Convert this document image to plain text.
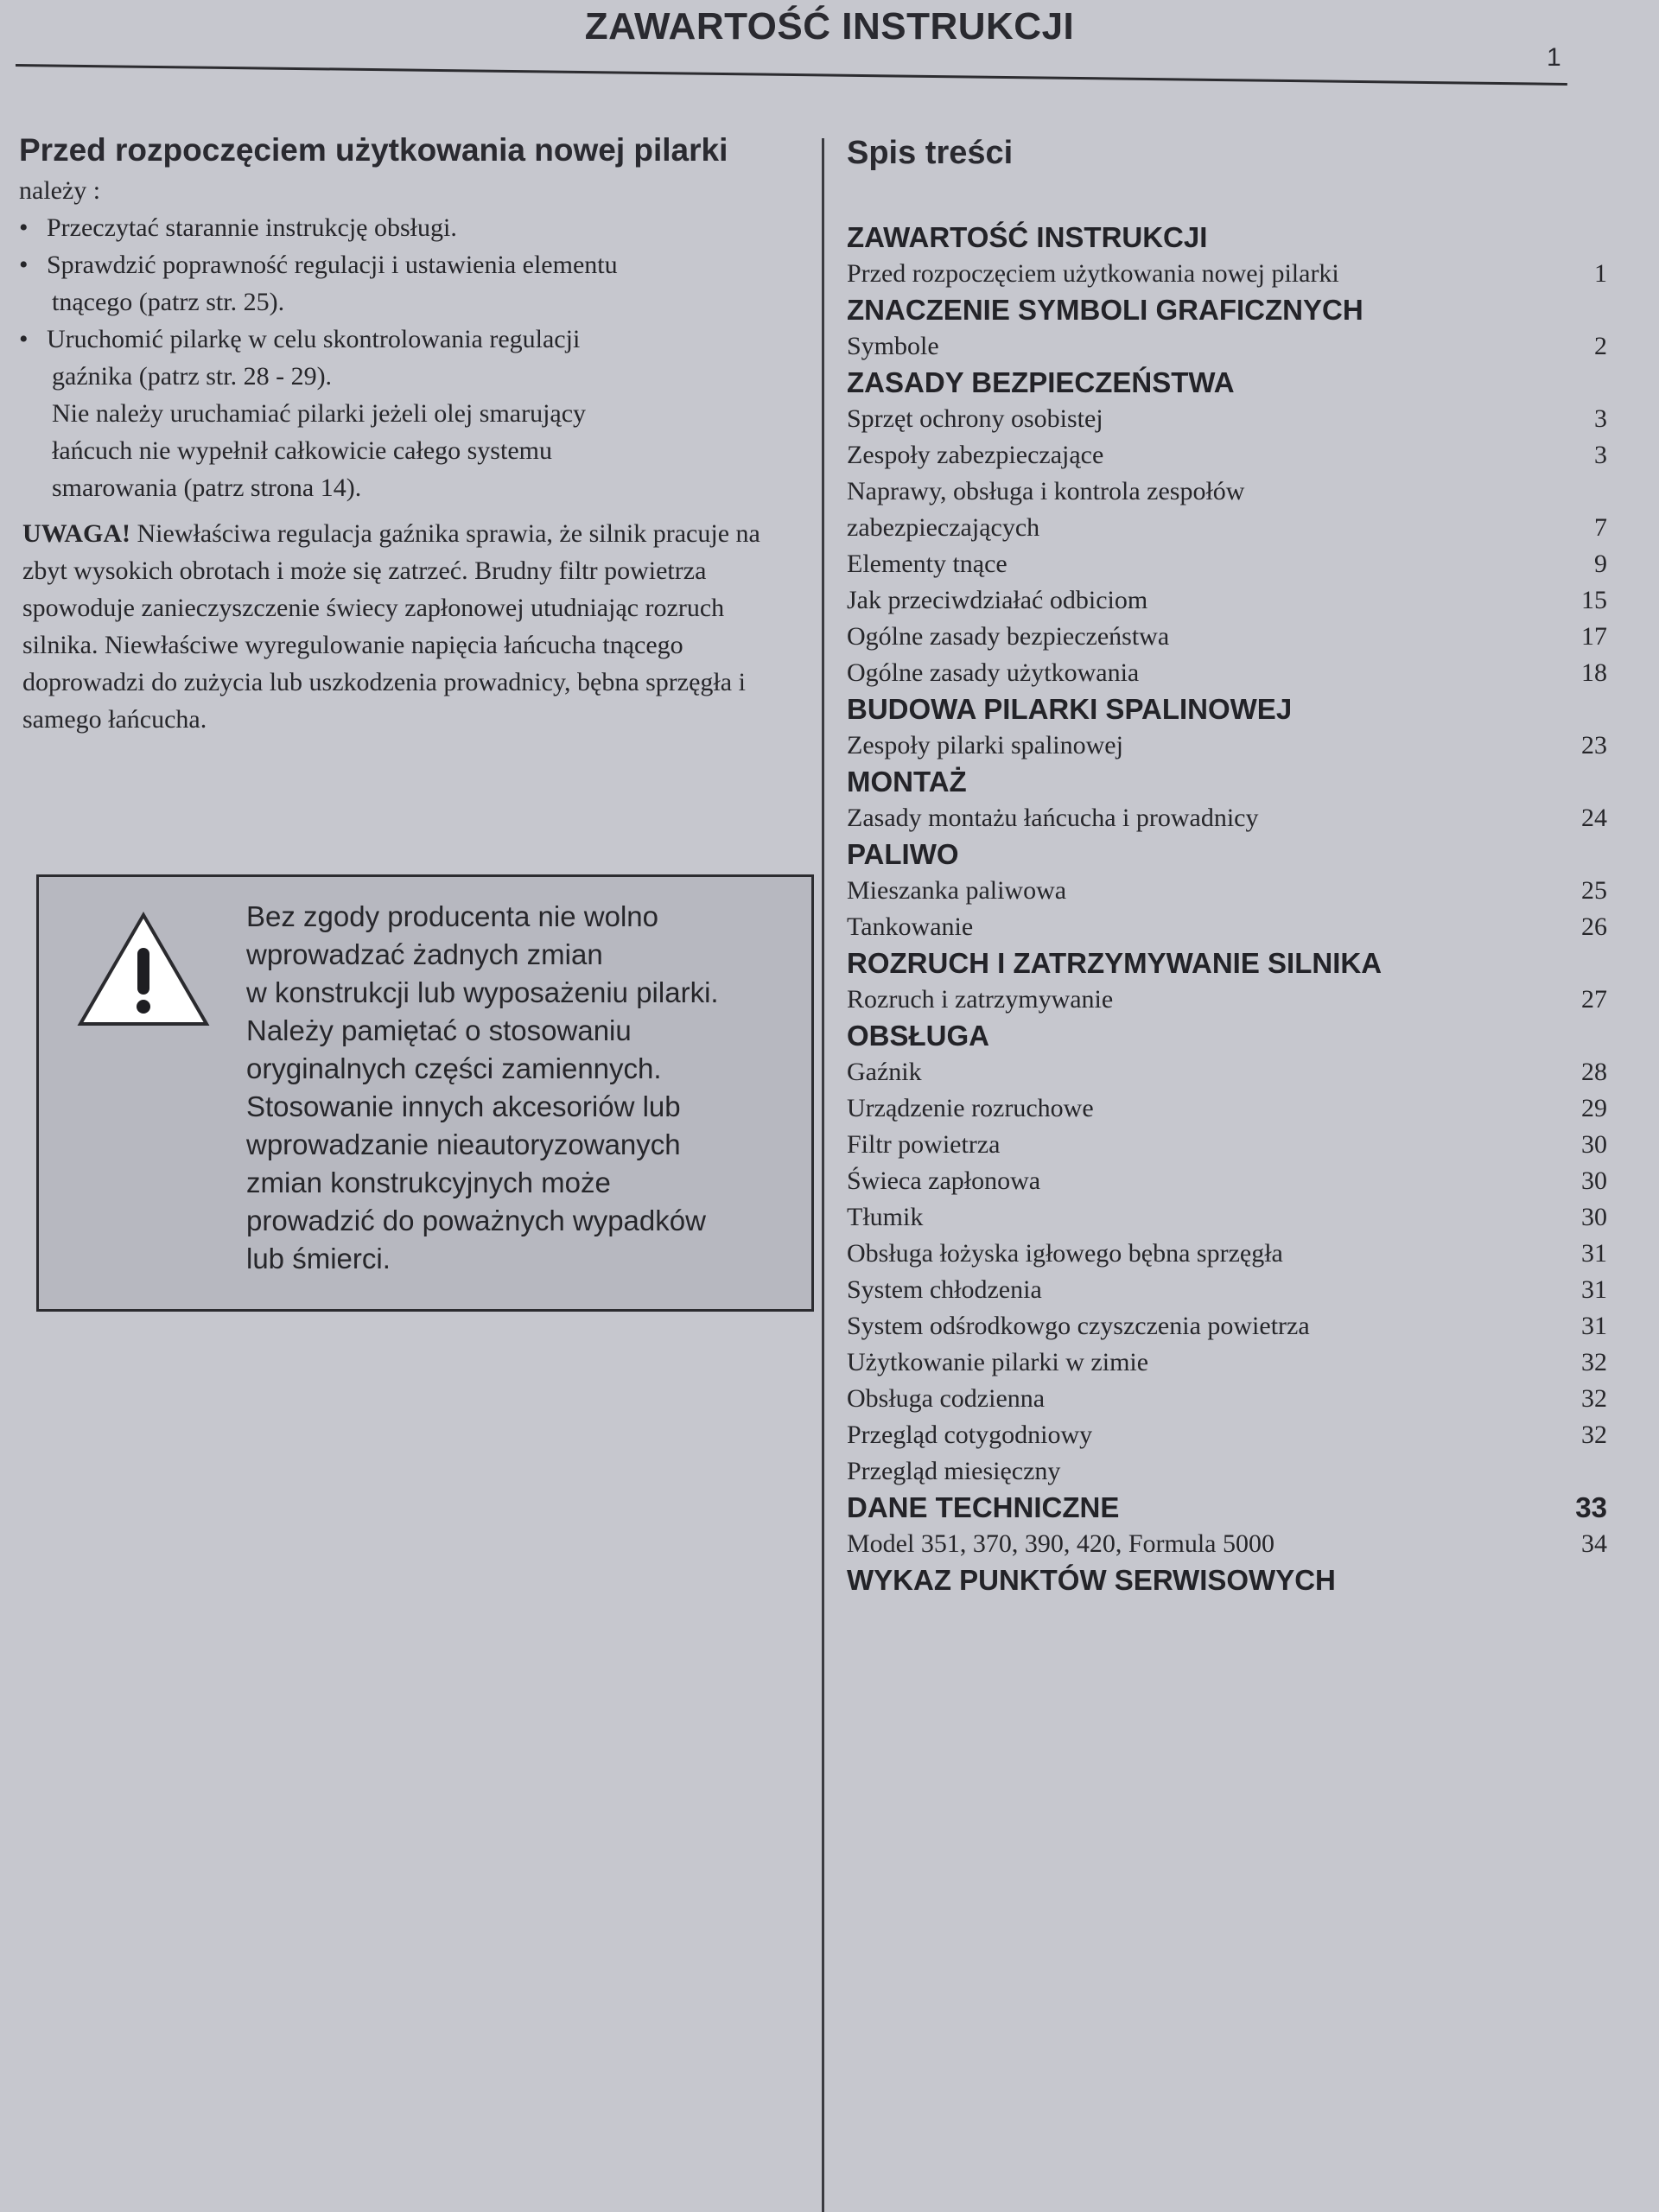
ZAWARTOŚĆ INSTRUKCJI
1
Przed rozpoczęciem użytkowania nowej pilarki

należy :

• Przeczytać starannie instrukcję obsługi.
• Sprawdzić poprawność regulacji i ustawienia elementu
tnącego (patrz str. 25).
• Uruchomić pilarkę w celu skontrolowania regulacji
gaźnika (patrz str. 28 - 29).
Nie należy uruchamiać pilarki jeżeli olej smarujący
łańcuch nie wypełnił całkowicie całego systemu
smarowania (patrz strona 14).

UWAGA! Niewłaściwa regulacja gaźnika sprawia, że silnik pracuje na zbyt wysokich obrotach i może się zatrzeć. Brudny filtr powietrza spowoduje zanieczyszczenie świecy zapłonowej utudniając rozruch silnika. Niewłaściwe wyregulowanie napięcia łańcucha tnącego doprowadzi do zużycia lub uszkodzenia prowadnicy, bębna sprzęgła i samego łańcucha.

Bez zgody producenta nie wolno
wprowadzać żadnych zmian
w konstrukcji lub wyposażeniu pilarki.
Należy pamiętać o stosowaniu
oryginalnych części zamiennych.
Stosowanie innych akcesoriów lub
wprowadzanie nieautoryzowanych
zmian konstrukcyjnych może
prowadzić do poważnych wypadków
lub śmierci.
Spis treści
ZAWARTOŚĆ INSTRUKCJI
Przed rozpoczęciem użytkowania nowej pilarki	1
ZNACZENIE SYMBOLI GRAFICZNYCH
Symbole	2
ZASADY BEZPIECZEŃSTWA
Sprzęt ochrony osobistej	3
Zespoły zabezpieczające	3
Naprawy, obsługa i kontrola zespołów
zabezpieczających	7
Elementy tnące	9
Jak przeciwdziałać odbiciom	15
Ogólne zasady bezpieczeństwa	17
Ogólne zasady użytkowania	18
BUDOWA PILARKI SPALINOWEJ
Zespoły pilarki spalinowej	23
MONTAŻ
Zasady montażu łańcucha i prowadnicy	24
PALIWO
Mieszanka paliwowa	25
Tankowanie	26
ROZRUCH I ZATRZYMYWANIE SILNIKA
Rozruch i zatrzymywanie	27
OBSŁUGA
Gaźnik	28
Urządzenie rozruchowe	29
Filtr powietrza	30
Świeca zapłonowa	30
Tłumik	30
Obsługa łożyska igłowego bębna sprzęgła	31
System chłodzenia	31
System odśrodkowgo czyszczenia powietrza	31
Użytkowanie pilarki w zimie	32
Obsługa codzienna	32
Przegląd cotygodniowy	32
Przegląd miesięczny
DANE TECHNICZNE	33
Model 351, 370, 390, 420, Formula 5000	34
WYKAZ PUNKTÓW SERWISOWYCH
